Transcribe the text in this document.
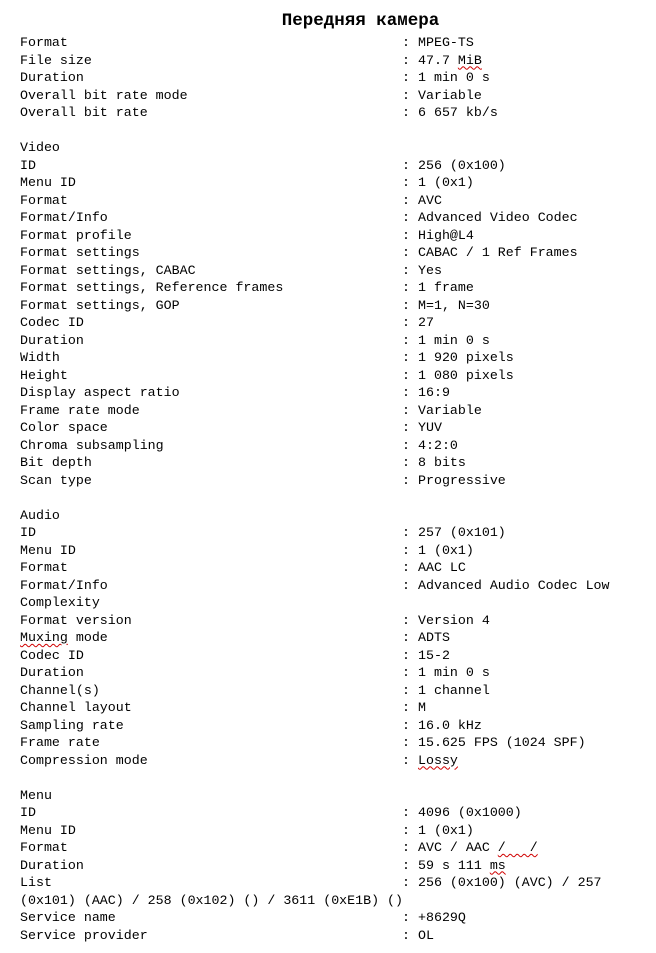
Передняя камера
Format	: MPEG-TS
File size	: 47.7 MiB
Duration	: 1 min 0 s
Overall bit rate mode	: Variable
Overall bit rate	: 6 657 kb/s
Video
ID	: 256 (0x100)
Menu ID	: 1 (0x1)
Format	: AVC
Format/Info	: Advanced Video Codec
Format profile	: High@L4
Format settings	: CABAC / 1 Ref Frames
Format settings, CABAC	: Yes
Format settings, Reference frames	: 1 frame
Format settings, GOP	: M=1, N=30
Codec ID	: 27
Duration	: 1 min 0 s
Width	: 1 920 pixels
Height	: 1 080 pixels
Display aspect ratio	: 16:9
Frame rate mode	: Variable
Color space	: YUV
Chroma subsampling	: 4:2:0
Bit depth	: 8 bits
Scan type	: Progressive
Audio
ID	: 257 (0x101)
Menu ID	: 1 (0x1)
Format	: AAC LC
Format/Info	: Advanced Audio Codec Low
Complexity
Format version	: Version 4
Muxing mode	: ADTS
Codec ID	: 15-2
Duration	: 1 min 0 s
Channel(s)	: 1 channel
Channel layout	: M
Sampling rate	: 16.0 kHz
Frame rate	: 15.625 FPS (1024 SPF)
Compression mode	: Lossy
Menu
ID	: 4096 (0x1000)
Menu ID	: 1 (0x1)
Format	: AVC / AAC /   /
Duration	: 59 s 111 ms
List	: 256 (0x100) (AVC) / 257
(0x101) (AAC) / 258 (0x102) () / 3611 (0xE1B) ()
Service name	: +8629Q
Service provider	: OL
